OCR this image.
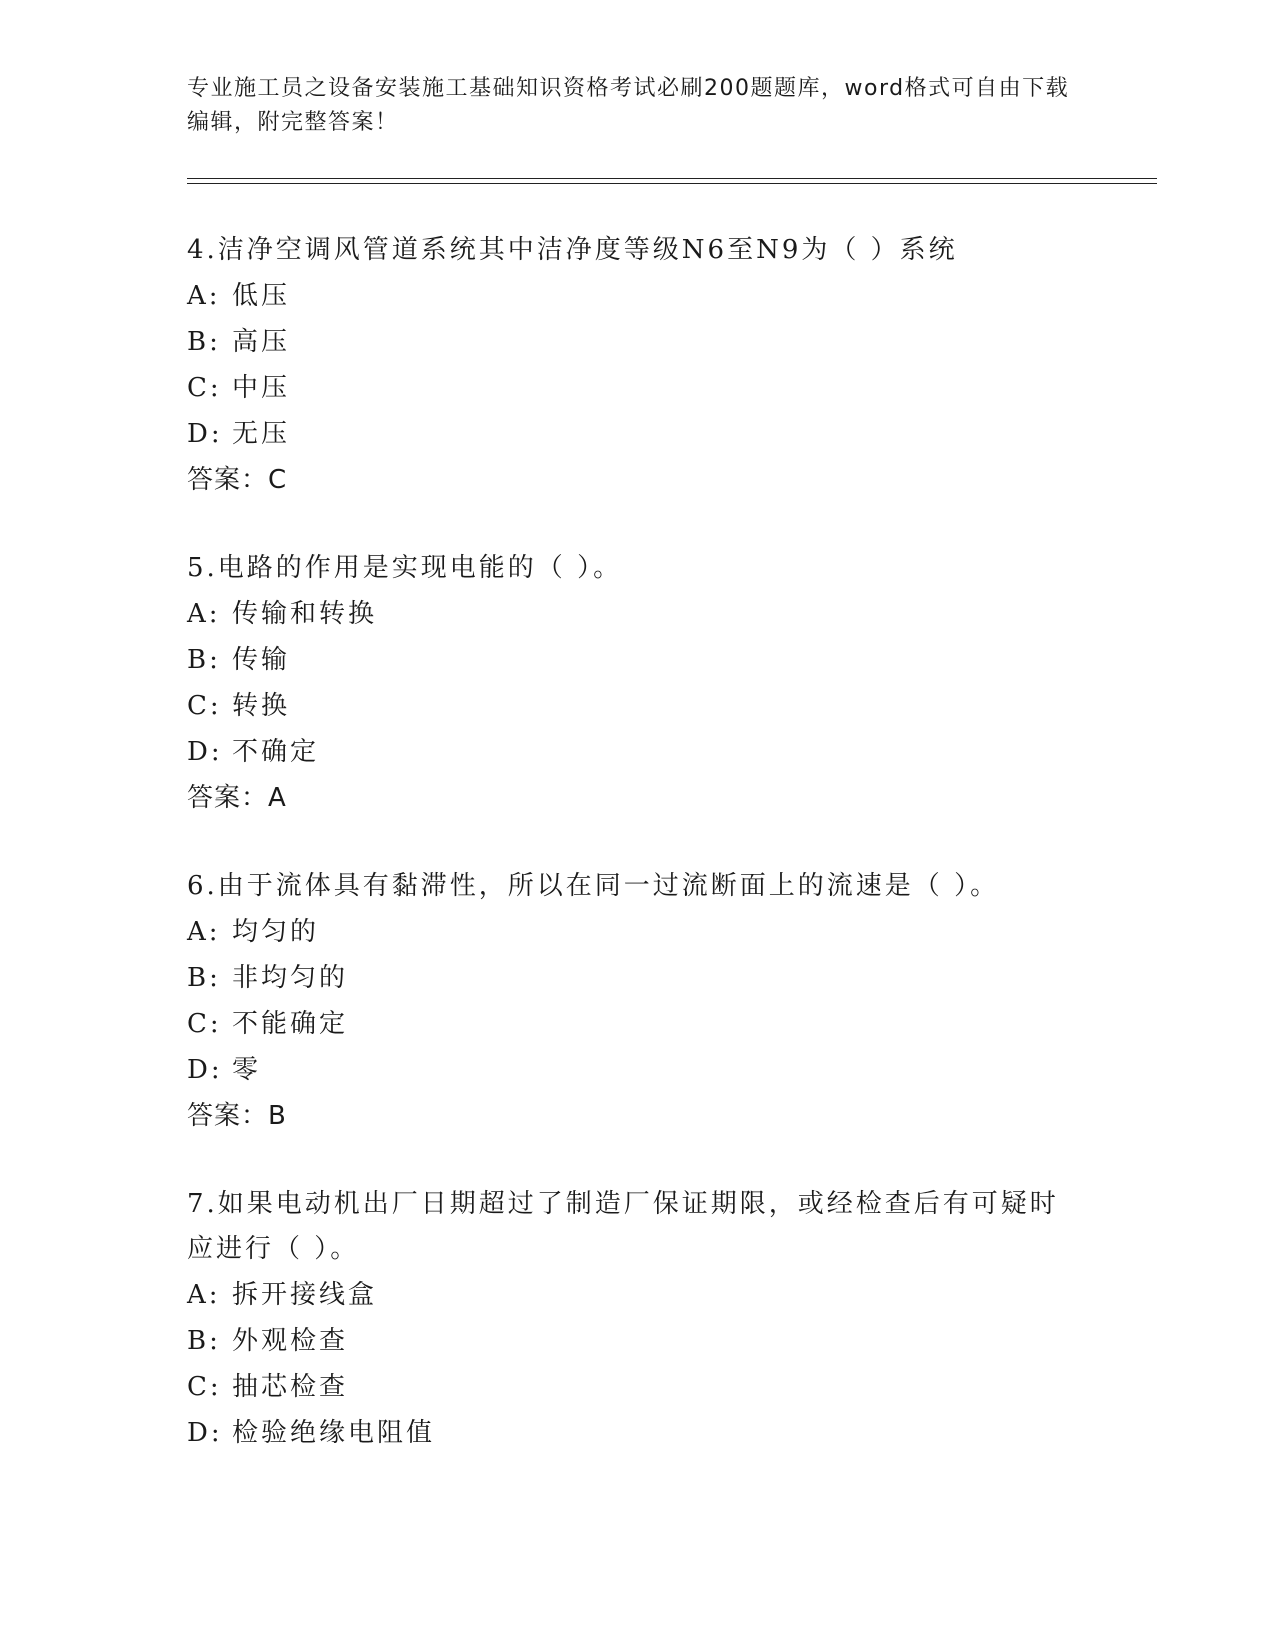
专业施工员之设备安装施工基础知识资格考试必刷200题题库，word格式可自由下载编辑，附完整答案！

4.洁净空调风管道系统其中洁净度等级N6至N9为（ ）系统

A: 低压

B: 高压

C: 中压

D: 无压

答案：C

5.电路的作用是实现电能的（ ）。

A: 传输和转换

B: 传输

C: 转换

D: 不确定

答案：A

6.由于流体具有黏滞性，所以在同一过流断面上的流速是（ ）。

A: 均匀的

B: 非均匀的

C: 不能确定

D: 零

答案：B

7.如果电动机出厂日期超过了制造厂保证期限，或经检查后有可疑时应进行（ ）。

A: 拆开接线盒

B: 外观检查

C: 抽芯检查

D: 检验绝缘电阻值
